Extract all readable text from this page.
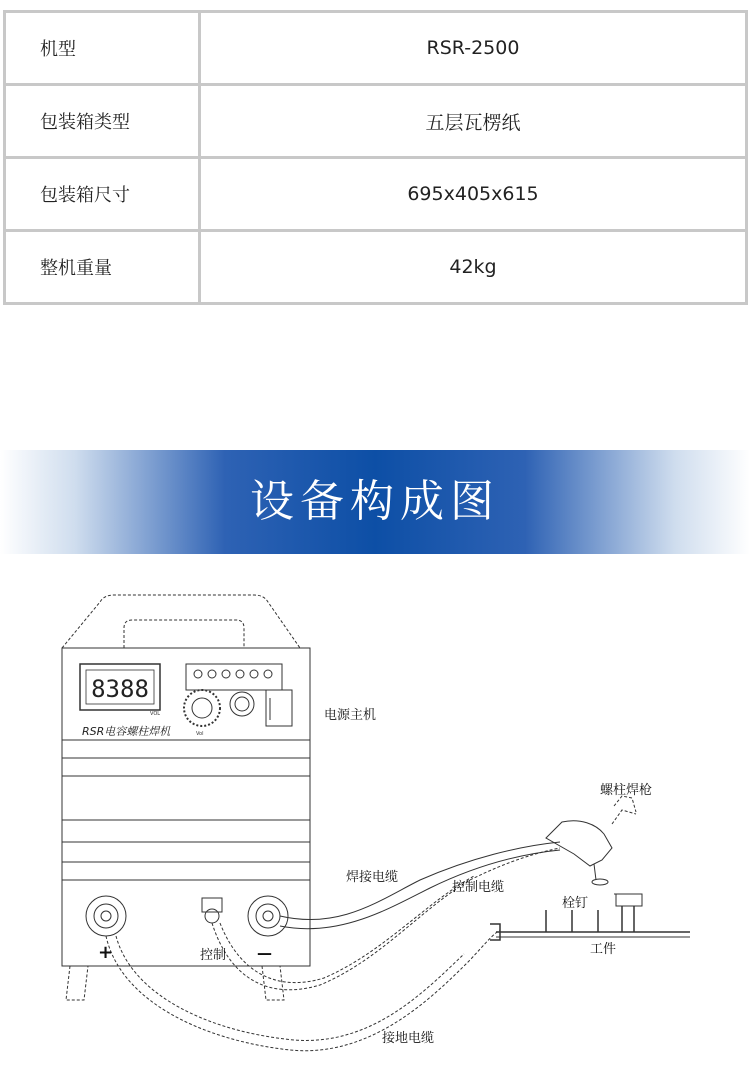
机型	RSR-2500
包装箱类型	五层瓦楞纸
包装箱尺寸	695x405x615
整机重量	42kg
设备构成图
8388
VOL
Vol
RSR电容螺柱焊机
+	控制 —
电源主机
螺柱焊枪
焊接电缆
控制电缆
栓钉
工件
接地电缆
